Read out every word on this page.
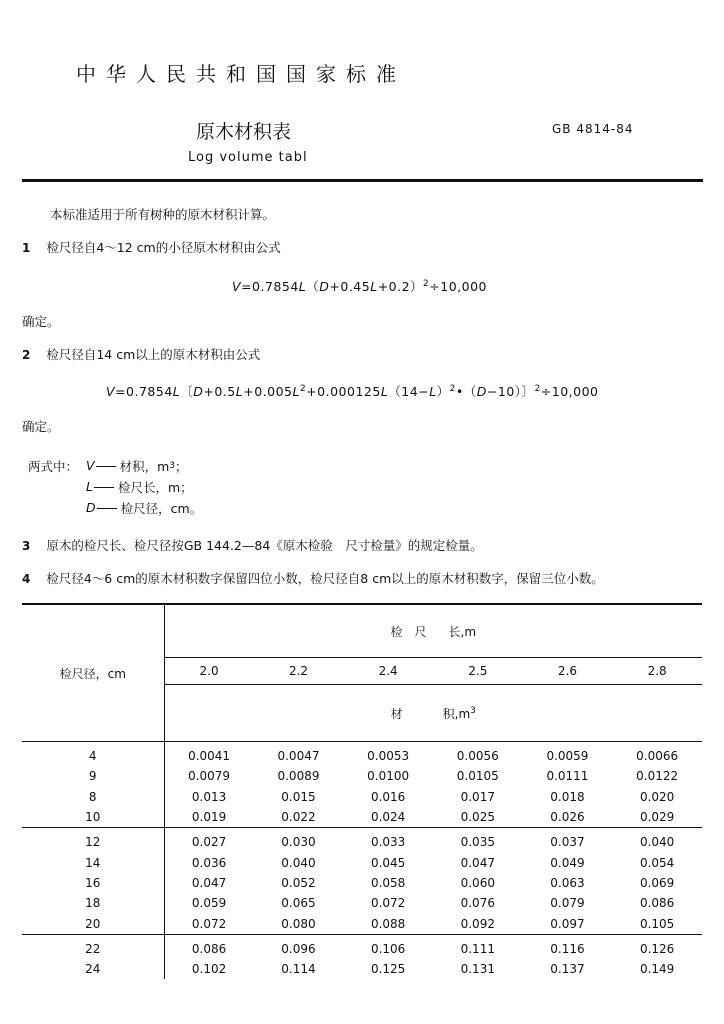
中华人民共和国国家标准
原木材积表	GB 4814-84
Log volume tabl
本标准适用于所有树种的原木材积计算。
1 检尺径自4～12 cm的小径原木材积由公式
$V=0.7854L(D+0.45L+0.2)^2\div 10,000$
确定。
2 检尺径自14 cm以上的原木材积由公式
V=0.7854L〔$D+0.5L+0.005L^2+0.000125L(14-L)^2•(D-10)$〕$^2$÷10,000
确定。
两式中： V 材积，m 3 ；
L 检尺长，m；
D 检尺径，cm。
3 原木的检尺长、检尺径按GB 144.2—84《原木检验　尺寸检量》的规定检量。
4 检尺径4～6 cm的原木材积数字保留四位小数，检尺径自8 cm以上的原木材积数字，保留三位小数。
检尺径，cm	检　尺 长,m					
	2.0	2.2	2.4	2.5	2.6	2.8
	材 积$,m^3$
4	0.0041	0.0047	0.0053	0.0056	0.0059	0.0066
9	0.0079	0.0089	0.0100	0.0105	0.0111	0.0122
8	0.013	0.015	0.016	0.017	0.018	0.020
10	0.019	0.022	0.024	0.025	0.026	0.029
12	0.027	0.030	0.033	0.035	0.037	0.040
14	0.036	0.040	0.045	0.047	0.049	0.054
16	0.047	0.052	0.058	0.060	0.063	0.069
18	0.059	0.065	0.072	0.076	0.079	0.086
20	0.072	0.080	0.088	0.092	0.097	0.105
22	0.086	0.096	0.106	0.111	0.116	0.126
24	0.102	0.114	0.125	0.131	0.137	0.149
